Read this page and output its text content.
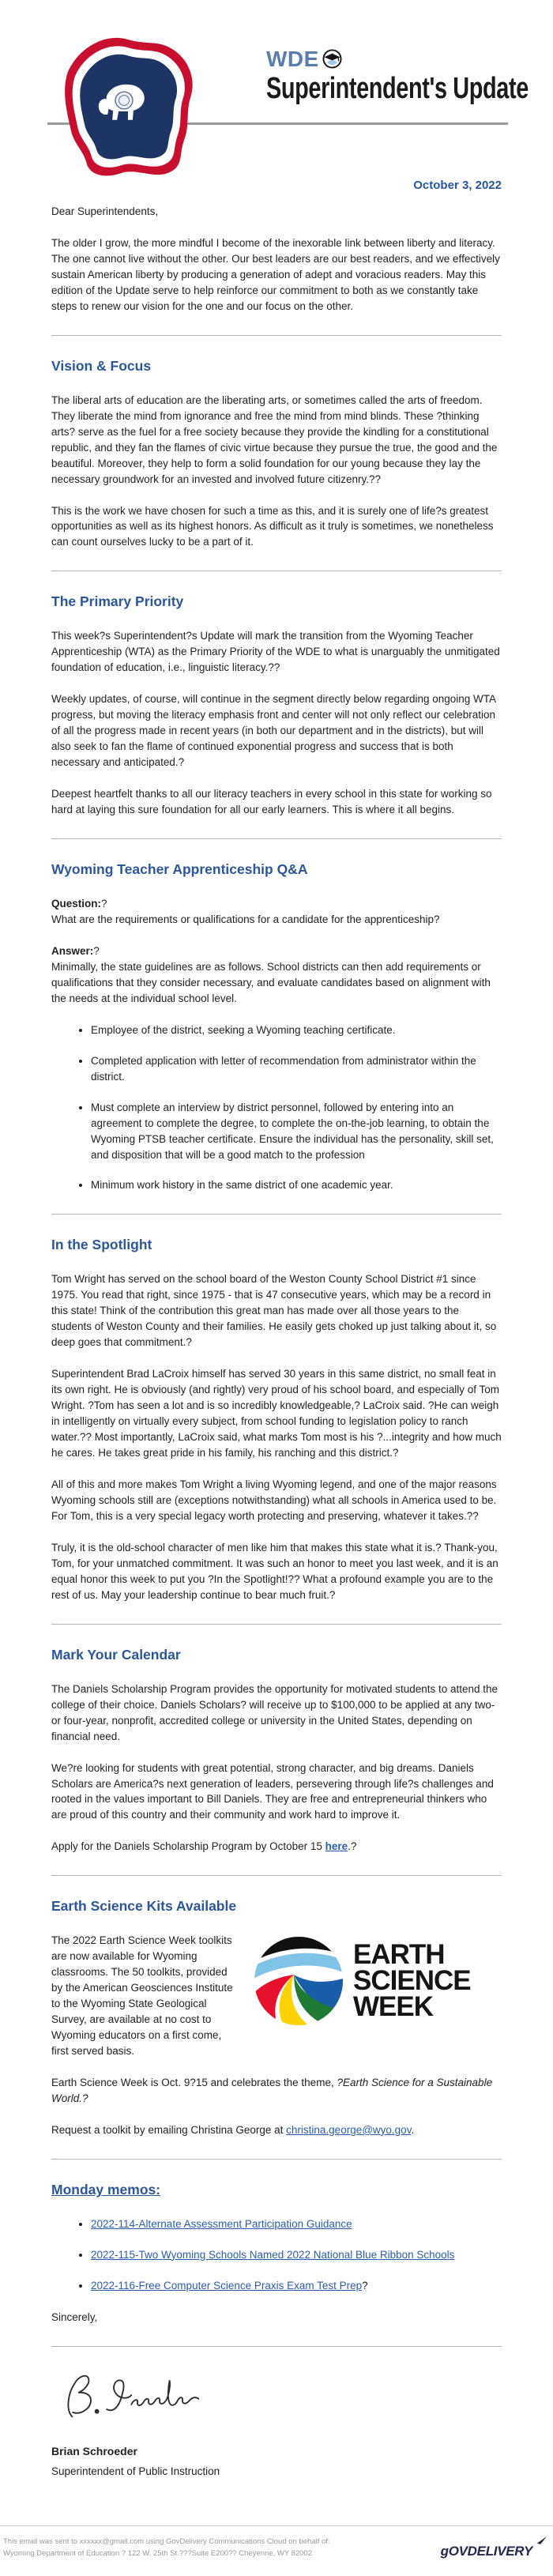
WDE
Superintendent's Update
October 3, 2022

Dear Superintendents,

The older I grow, the more mindful I become of the inexorable link between liberty and literacy. The one cannot live without the other. Our best leaders are our best readers, and we effectively sustain American liberty by producing a generation of adept and voracious readers. May this edition of the Update serve to help reinforce our commitment to both as we constantly take steps to renew our vision for the one and our focus on the other.

Vision & Focus

The liberal arts of education are the liberating arts, or sometimes called the arts of freedom. They liberate the mind from ignorance and free the mind from mind blinds. These ?thinking arts? serve as the fuel for a free society because they provide the kindling for a constitutional republic, and they fan the flames of civic virtue because they pursue the true, the good and the beautiful. Moreover, they help to form a solid foundation for our young because they lay the necessary groundwork for an invested and involved future citizenry.??

This is the work we have chosen for such a time as this, and it is surely one of life?s greatest opportunities as well as its highest honors. As difficult as it truly is sometimes, we nonetheless can count ourselves lucky to be a part of it.

The Primary Priority

This week?s Superintendent?s Update will mark the transition from the Wyoming Teacher Apprenticeship (WTA) as the Primary Priority of the WDE to what is unarguably the unmitigated foundation of education, i.e., linguistic literacy.??

Weekly updates, of course, will continue in the segment directly below regarding ongoing WTA progress, but moving the literacy emphasis front and center will not only reflect our celebration of all the progress made in recent years (in both our department and in the districts), but will also seek to fan the flame of continued exponential progress and success that is both necessary and anticipated.?

Deepest heartfelt thanks to all our literacy teachers in every school in this state for working so hard at laying this sure foundation for all our early learners. This is where it all begins.

Wyoming Teacher Apprenticeship Q&A

Question:?
What are the requirements or qualifications for a candidate for the apprenticeship?

Answer:?
Minimally, the state guidelines are as follows. School districts can then add requirements or qualifications that they consider necessary, and evaluate candidates based on alignment with the needs at the individual school level.

• Employee of the district, seeking a Wyoming teaching certificate.
• Completed application with letter of recommendation from administrator within the district.
• Must complete an interview by district personnel, followed by entering into an agreement to complete the degree, to complete the on-the-job learning, to obtain the Wyoming PTSB teacher certificate. Ensure the individual has the personality, skill set, and disposition that will be a good match to the profession
• Minimum work history in the same district of one academic year.
In the Spotlight

Tom Wright has served on the school board of the Weston County School District #1 since 1975. You read that right, since 1975 - that is 47 consecutive years, which may be a record in this state! Think of the contribution this great man has made over all those years to the students of Weston County and their families. He easily gets choked up just talking about it, so deep goes that commitment.?

Superintendent Brad LaCroix himself has served 30 years in this same district, no small feat in its own right. He is obviously (and rightly) very proud of his school board, and especially of Tom Wright. ?Tom has seen a lot and is so incredibly knowledgeable,? LaCroix said. ?He can weigh in intelligently on virtually every subject, from school funding to legislation policy to ranch water.?? Most importantly, LaCroix said, what marks Tom most is his ?...integrity and how much he cares. He takes great pride in his family, his ranching and this district.?

All of this and more makes Tom Wright a living Wyoming legend, and one of the major reasons Wyoming schools still are (exceptions notwithstanding) what all schools in America used to be. For Tom, this is a very special legacy worth protecting and preserving, whatever it takes.??

Truly, it is the old-school character of men like him that makes this state what it is.? Thank-you, Tom, for your unmatched commitment. It was such an honor to meet you last week, and it is an equal honor this week to put you ?In the Spotlight!?? What a profound example you are to the rest of us. May your leadership continue to bear much fruit.?

Mark Your Calendar

The Daniels Scholarship Program provides the opportunity for motivated students to attend the college of their choice. Daniels Scholars? will receive up to $100,000 to be applied at any two- or four-year, nonprofit, accredited college or university in the United States, depending on financial need.

We?re looking for students with great potential, strong character, and big dreams. Daniels Scholars are America?s next generation of leaders, persevering through life?s challenges and rooted in the values important to Bill Daniels. They are free and entrepreneurial thinkers who are proud of this country and their community and work hard to improve it.

Apply for the Daniels Scholarship Program by October 15 here.?

Earth Science Kits Available
EARTH
SCIENCE
WEEK

The 2022 Earth Science Week toolkits are now available for Wyoming classrooms. The 50 toolkits, provided by the American Geosciences Institute to the Wyoming State Geological Survey, are available at no cost to Wyoming educators on a first come, first served basis.

Earth Science Week is Oct. 9?15 and celebrates the theme, ?Earth Science for a Sustainable World.?

Request a toolkit by emailing Christina George at christina.george@wyo.gov.

Monday memos:
• 2022-114-Alternate Assessment Participation Guidance
• 2022-115-Two Wyoming Schools Named 2022 National Blue Ribbon Schools
• 2022-116-Free Computer Science Praxis Exam Test Prep?

Sincerely,

Brian Schroeder
Superintendent of Public Instruction
This email was sent to xxxxxx@gmail.com using GovDelivery Communications Cloud on behalf of: Wyoming Department of Education ? 122 W. 25th St.???Suite E200?? Cheyenne, WY 82002	gOVDELIVERY
